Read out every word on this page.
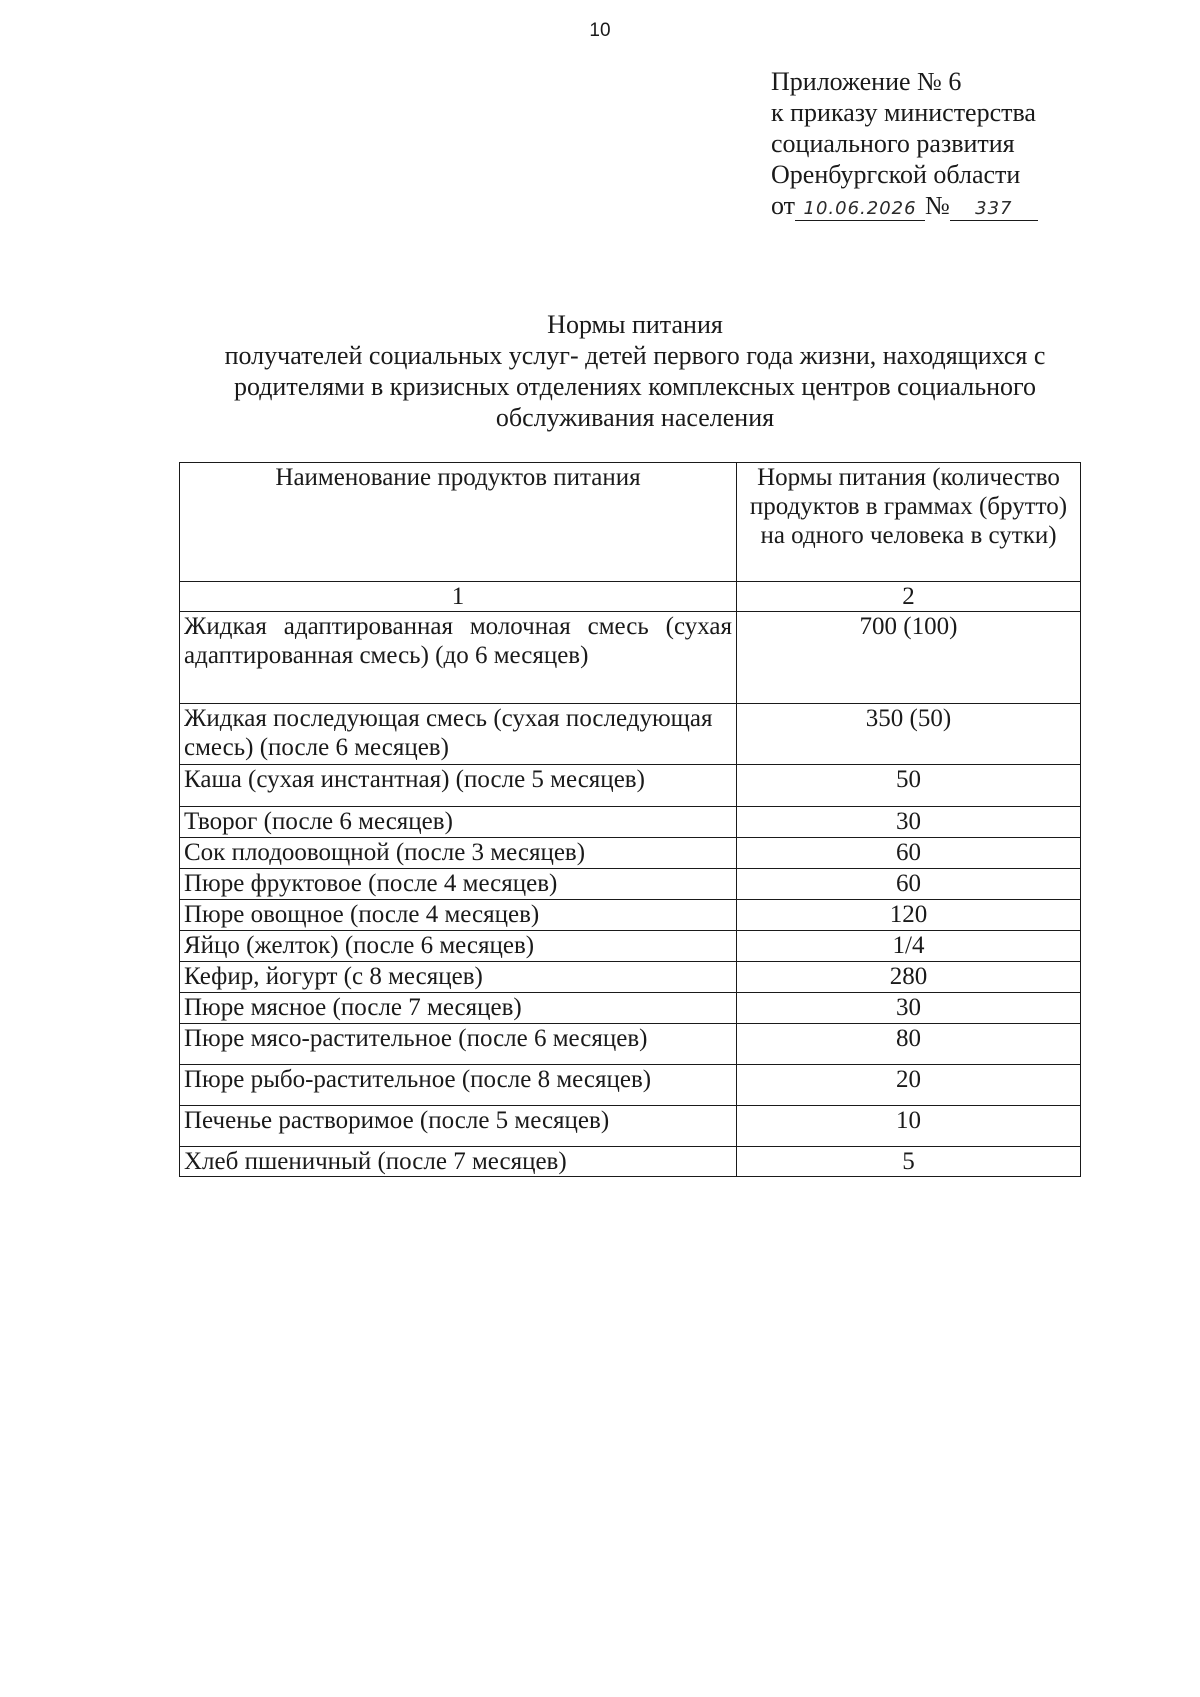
10
Приложение № 6
к приказу министерства
социального развития
Оренбургской области
от 10.06.2026 № 337
Нормы питания
получателей социальных услуг- детей первого года жизни, находящихся с
родителями в кризисных отделениях комплексных центров социального
обслуживания населения
Наименование продуктов питания	Нормы питания (количество продуктов в граммах (брутто) на одного человека в сутки)
1	2
Жидкая адаптированная молочная смесь (сухая адаптированная смесь) (до 6 месяцев)	700 (100)
Жидкая последующая смесь (сухая последующая смесь) (после 6 месяцев)	350 (50)
Каша (сухая инстантная) (после 5 месяцев)	50
Творог (после 6 месяцев)	30
Сок плодоовощной (после 3 месяцев)	60
Пюре фруктовое (после 4 месяцев)	60
Пюре овощное (после 4 месяцев)	120
Яйцо (желток) (после 6 месяцев)	1/4
Кефир, йогурт (с 8 месяцев)	280
Пюре мясное (после 7 месяцев)	30
Пюре мясо-растительное (после 6 месяцев)	80
Пюре рыбо-растительное (после 8 месяцев)	20
Печенье растворимое (после 5 месяцев)	10
Хлеб пшеничный (после 7 месяцев)	5
